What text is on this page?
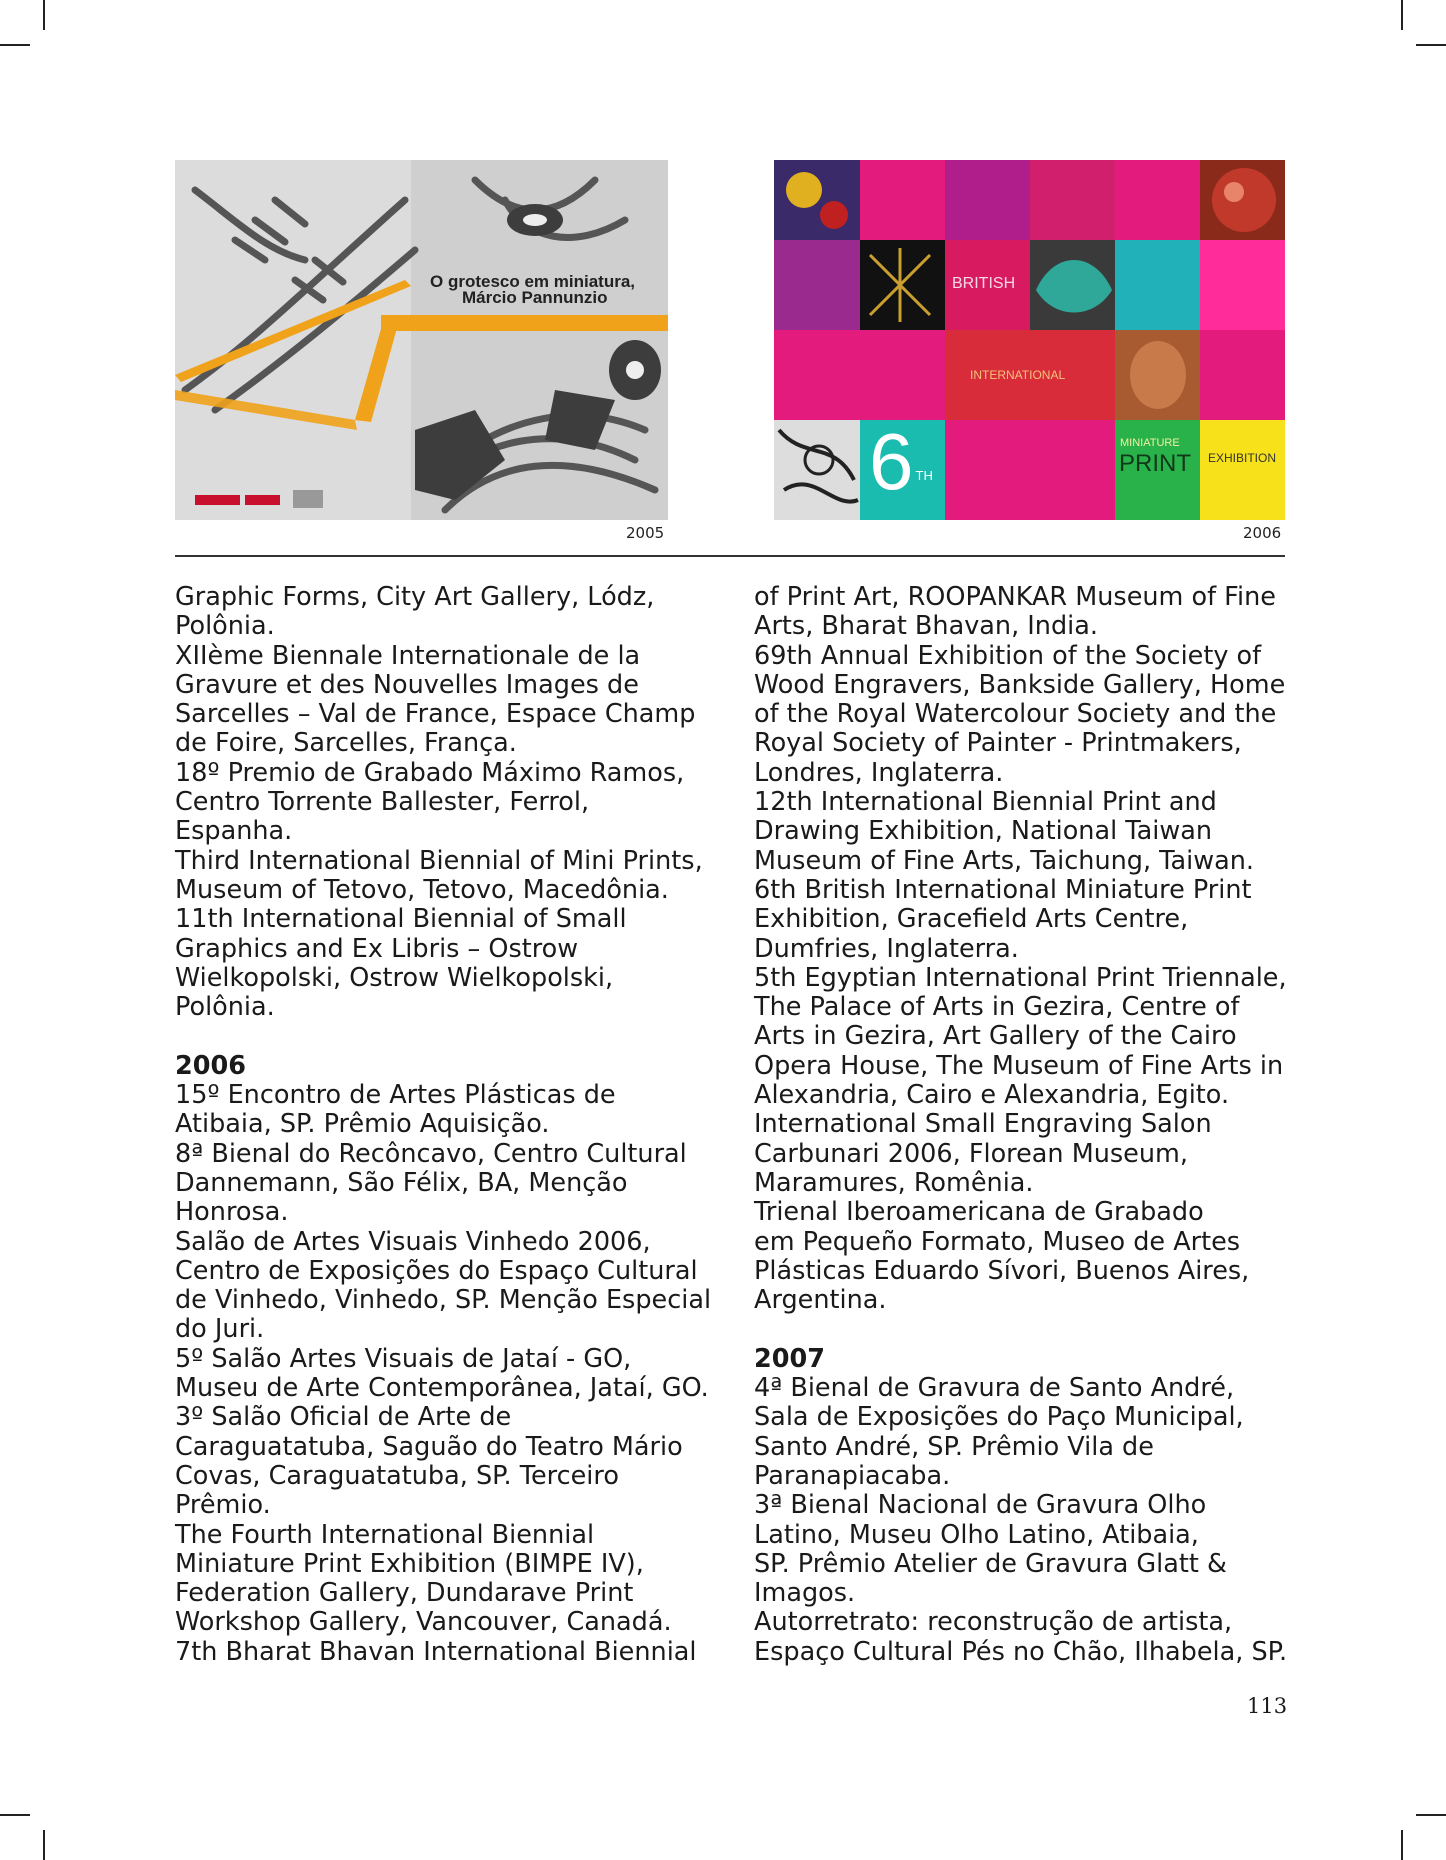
O grotesco em miniatura,
Márcio Pannunzio
2005
BRITISH
INTERNATIONAL
6 $^{TH}$
MINIATURE
PRINT EXHIBITION
2006

Graphic Forms, City Art Gallery, Lódz,
Polônia.

XIIème Biennale Internationale de la
Gravure et des Nouvelles Images de
Sarcelles – Val de France, Espace Champ
de Foire, Sarcelles, França.

18º Premio de Grabado Máximo Ramos,
Centro Torrente Ballester, Ferrol,
Espanha.

Third International Biennial of Mini Prints,
Museum of Tetovo, Tetovo, Macedônia.

11th International Biennial of Small
Graphics and Ex Libris – Ostrow
Wielkopolski, Ostrow Wielkopolski,
Polônia.

2006

15º Encontro de Artes Plásticas de
Atibaia, SP. Prêmio Aquisição.

8ª Bienal do Recôncavo, Centro Cultural
Dannemann, São Félix, BA, Menção
Honrosa.

Salão de Artes Visuais Vinhedo 2006,
Centro de Exposições do Espaço Cultural
de Vinhedo, Vinhedo, SP. Menção Especial
do Juri.

5º Salão Artes Visuais de Jataí - GO,
Museu de Arte Contemporânea, Jataí, GO.

3º Salão Oficial de Arte de
Caraguatatuba, Saguão do Teatro Mário
Covas, Caraguatatuba, SP. Terceiro
Prêmio.

The Fourth International Biennial
Miniature Print Exhibition (BIMPE IV),
Federation Gallery, Dundarave Print
Workshop Gallery, Vancouver, Canadá.

7th Bharat Bhavan International Biennial

of Print Art, ROOPANKAR Museum of Fine
Arts, Bharat Bhavan, India.

69th Annual Exhibition of the Society of
Wood Engravers, Bankside Gallery, Home
of the Royal Watercolour Society and the
Royal Society of Painter - Printmakers,
Londres, Inglaterra.

12th International Biennial Print and
Drawing Exhibition, National Taiwan
Museum of Fine Arts, Taichung, Taiwan.

6th British International Miniature Print
Exhibition, Gracefield Arts Centre,
Dumfries, Inglaterra.

5th Egyptian International Print Triennale,
The Palace of Arts in Gezira, Centre of
Arts in Gezira, Art Gallery of the Cairo
Opera House, The Museum of Fine Arts in
Alexandria, Cairo e Alexandria, Egito.

International Small Engraving Salon
Carbunari 2006, Florean Museum,
Maramures, Romênia.

Trienal Iberoamericana de Grabado
em Pequeño Formato, Museo de Artes
Plásticas Eduardo Sívori, Buenos Aires,
Argentina.

2007

4ª Bienal de Gravura de Santo André,
Sala de Exposições do Paço Municipal,
Santo André, SP. Prêmio Vila de
Paranapiacaba.

3ª Bienal Nacional de Gravura Olho
Latino, Museu Olho Latino, Atibaia,
SP. Prêmio Atelier de Gravura Glatt &
Imagos.

Autorretrato: reconstrução de artista,
Espaço Cultural Pés no Chão, Ilhabela, SP.

113
